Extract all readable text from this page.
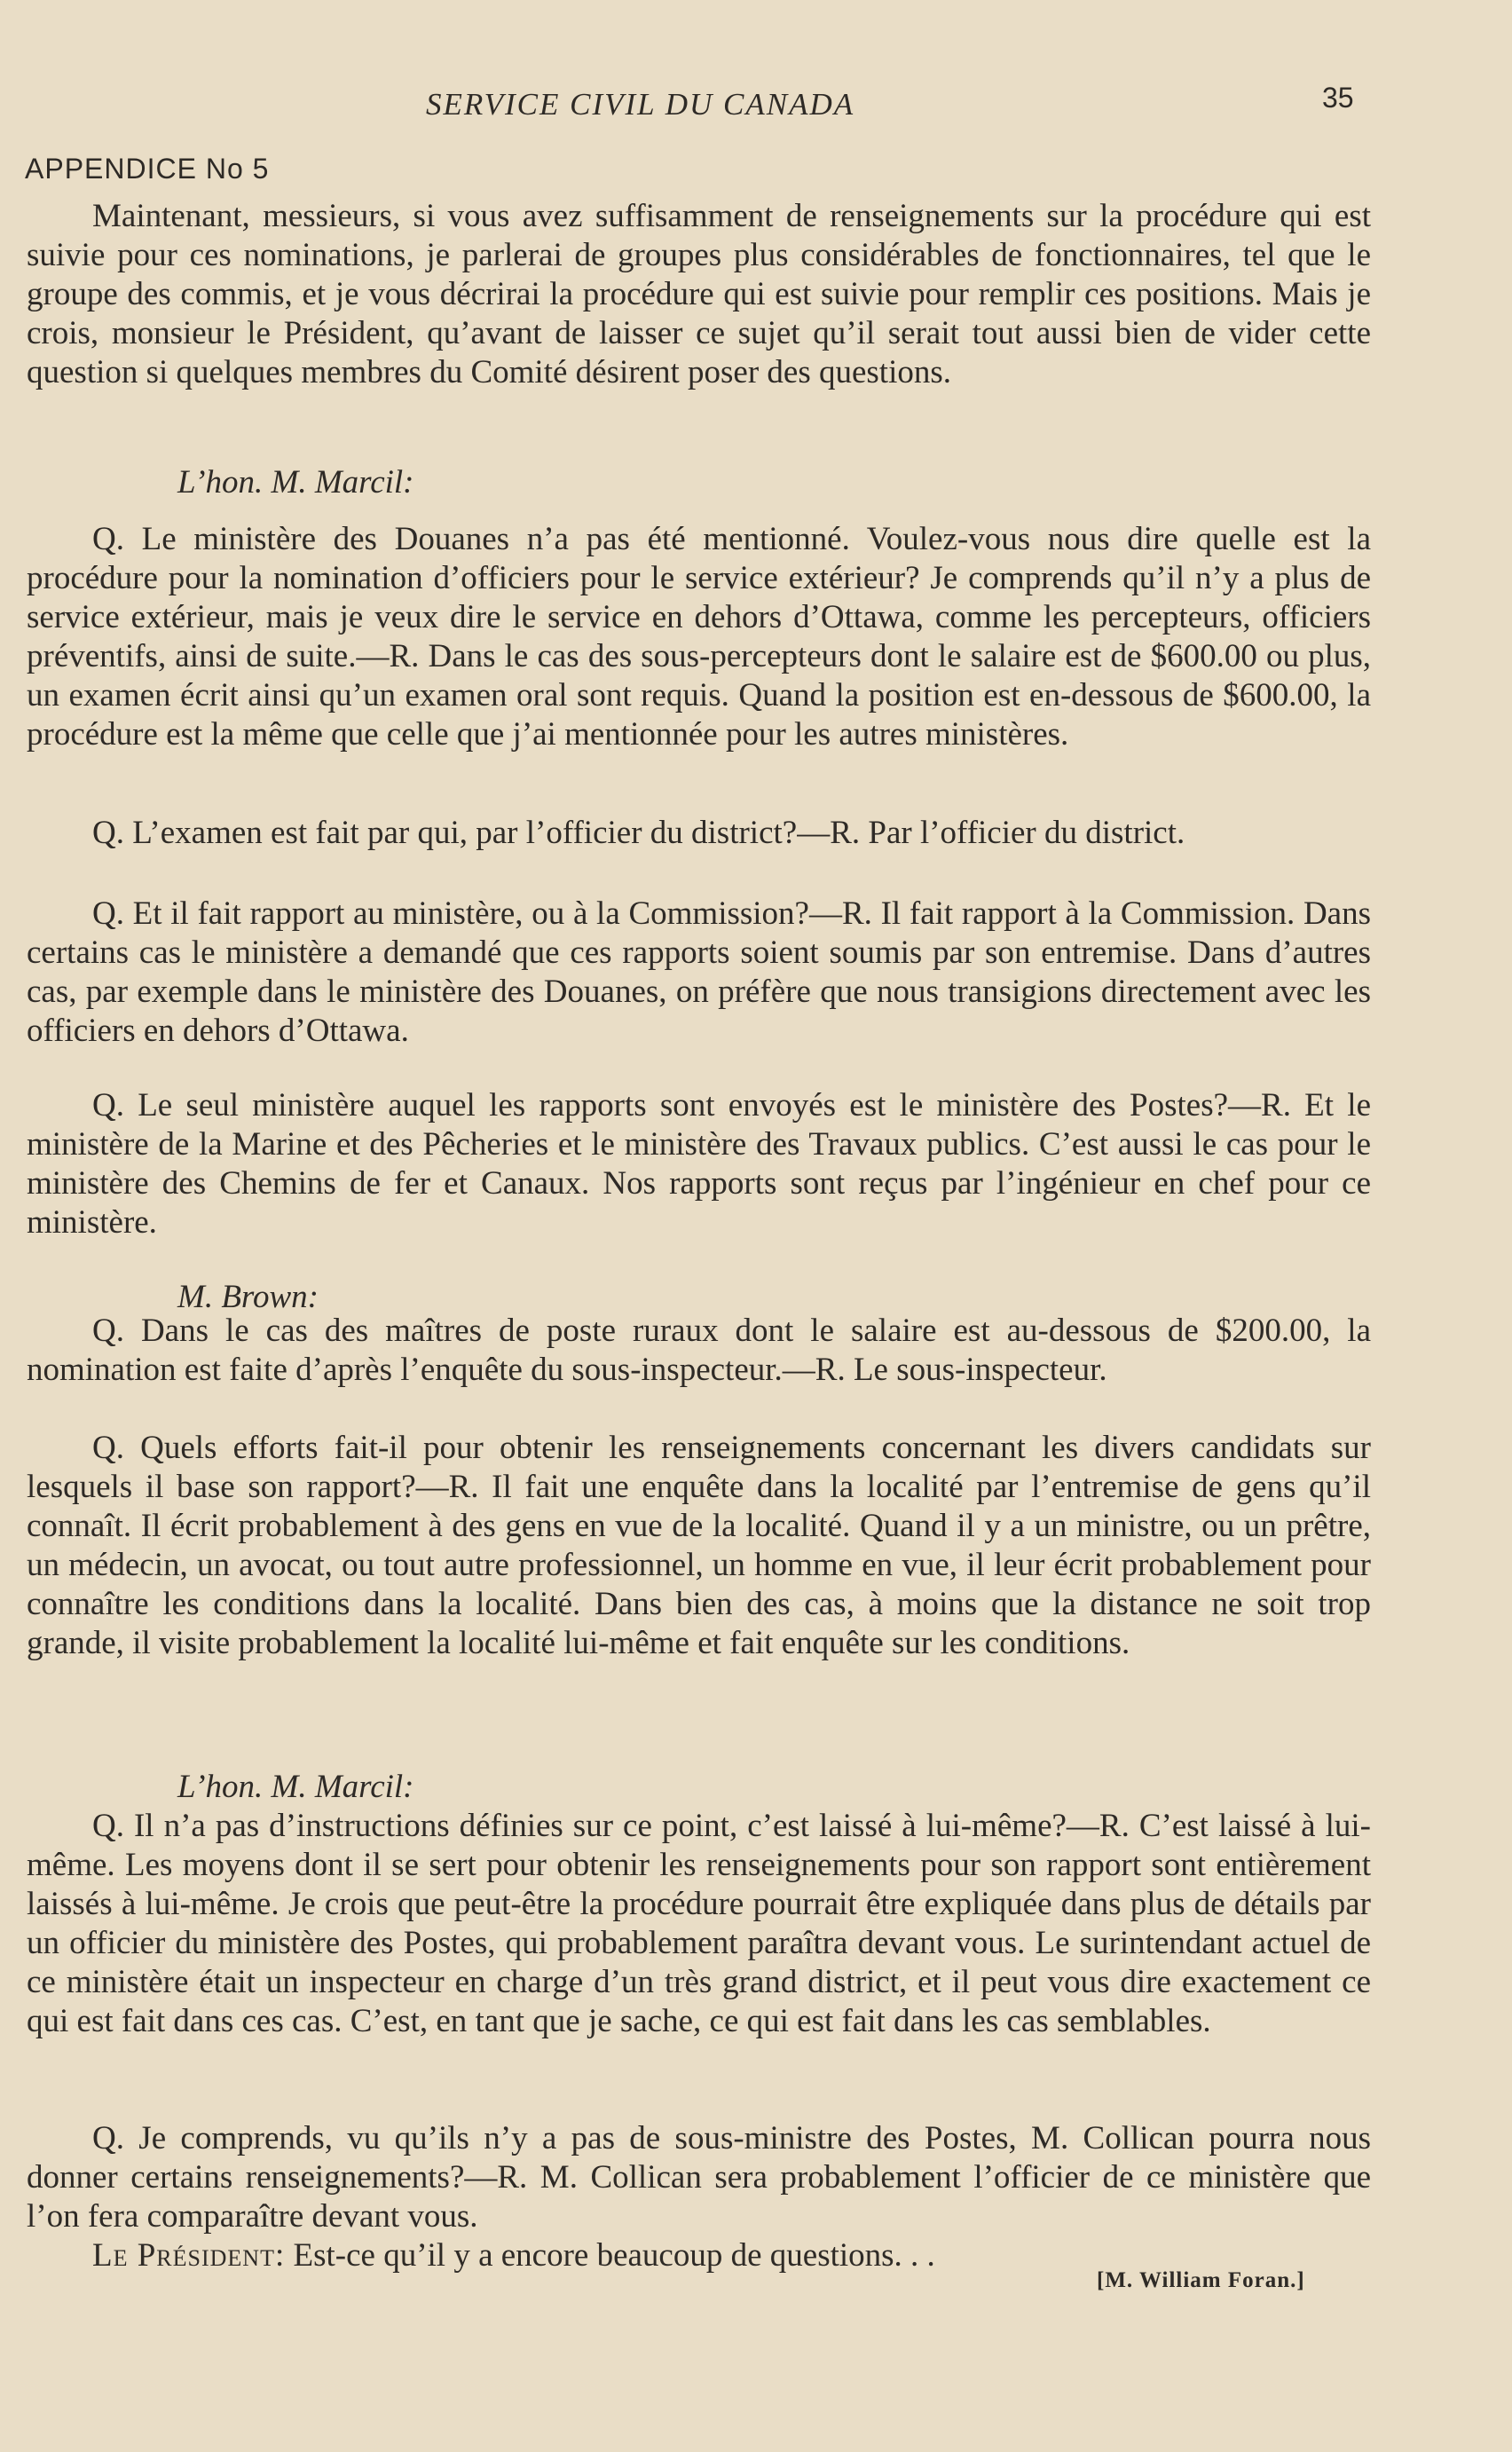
SERVICE CIVIL DU CANADA	35
APPENDICE No 5

Maintenant, messieurs, si vous avez suffisamment de renseignements sur la procédure qui est suivie pour ces nominations, je parlerai de groupes plus considérables de fonctionnaires, tel que le groupe des commis, et je vous décrirai la procédure qui est suivie pour remplir ces positions. Mais je crois, monsieur le Président, qu’avant de laisser ce sujet qu’il serait tout aussi bien de vider cette question si quelques membres du Comité désirent poser des questions.

L’hon. M. Marcil:

Q. Le ministère des Douanes n’a pas été mentionné. Voulez-vous nous dire quelle est la procédure pour la nomination d’officiers pour le service extérieur? Je comprends qu’il n’y a plus de service extérieur, mais je veux dire le service en dehors d’Ottawa, comme les percepteurs, officiers préventifs, ainsi de suite.—R. Dans le cas des sous-percepteurs dont le salaire est de $600.00 ou plus, un examen écrit ainsi qu’un examen oral sont requis. Quand la position est en-dessous de $600.00, la procédure est la même que celle que j’ai mentionnée pour les autres ministères.

Q. L’examen est fait par qui, par l’officier du district?—R. Par l’officier du district.

Q. Et il fait rapport au ministère, ou à la Commission?—R. Il fait rapport à la Commission. Dans certains cas le ministère a demandé que ces rapports soient soumis par son entremise. Dans d’autres cas, par exemple dans le ministère des Douanes, on préfère que nous transigions directement avec les officiers en dehors d’Ottawa.

Q. Le seul ministère auquel les rapports sont envoyés est le ministère des Postes?—R. Et le ministère de la Marine et des Pêcheries et le ministère des Travaux publics. C’est aussi le cas pour le ministère des Chemins de fer et Canaux. Nos rapports sont reçus par l’ingénieur en chef pour ce ministère.

M. Brown:

Q. Dans le cas des maîtres de poste ruraux dont le salaire est au-dessous de $200.00, la nomination est faite d’après l’enquête du sous-inspecteur.—R. Le sous-inspecteur.

Q. Quels efforts fait-il pour obtenir les renseignements concernant les divers candidats sur lesquels il base son rapport?—R. Il fait une enquête dans la localité par l’entremise de gens qu’il connaît. Il écrit probablement à des gens en vue de la localité. Quand il y a un ministre, ou un prêtre, un médecin, un avocat, ou tout autre professionnel, un homme en vue, il leur écrit probablement pour connaître les conditions dans la localité. Dans bien des cas, à moins que la distance ne soit trop grande, il visite probablement la localité lui-même et fait enquête sur les conditions.

L’hon. M. Marcil:

Q. Il n’a pas d’instructions définies sur ce point, c’est laissé à lui-même?—R. C’est laissé à lui-même. Les moyens dont il se sert pour obtenir les renseignements pour son rapport sont entièrement laissés à lui-même. Je crois que peut-être la procédure pourrait être expliquée dans plus de détails par un officier du ministère des Postes, qui probablement paraîtra devant vous. Le surintendant actuel de ce ministère était un inspecteur en charge d’un très grand district, et il peut vous dire exactement ce qui est fait dans ces cas. C’est, en tant que je sache, ce qui est fait dans les cas semblables.

Q. Je comprends, vu qu’ils n’y a pas de sous-ministre des Postes, M. Collican pourra nous donner certains renseignements?—R. M. Collican sera probablement l’officier de ce ministère que l’on fera comparaître devant vous.

Le Président: Est-ce qu’il y a encore beaucoup de questions. . .

[M. William Foran.]
